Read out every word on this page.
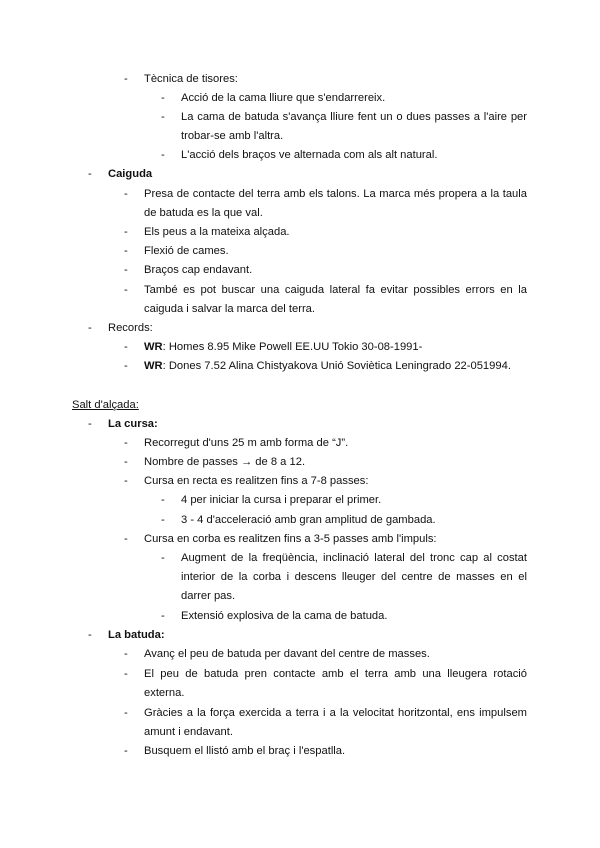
- Tècnica de tisores:
- Acció de la cama lliure que s'endarrereix.
- La cama de batuda s'avança lliure fent un o dues passes a l'aire per trobar-se amb l'altra.
- L'acció dels braços ve alternada com als alt natural.
- Caiguda
- Presa de contacte del terra amb els talons. La marca més propera a la taula de batuda es la que val.
- Els peus a la mateixa alçada.
- Flexió de cames.
- Braços cap endavant.
- També es pot buscar una caiguda lateral fa evitar possibles errors en la caiguda i salvar la marca del terra.
- Records:
- WR: Homes 8.95 Mike Powell EE.UU Tokio 30-08-1991-
- WR: Dones 7.52 Alina Chistyakova Unió Soviètica Leningrado 22-051994.
Salt d'alçada:
- La cursa:
- Recorregut d'uns 25 m amb forma de “J”.
- Nombre de passes → de 8 a 12.
- Cursa en recta es realitzen fins a 7-8 passes:
- 4 per iniciar la cursa i preparar el primer.
- 3 - 4 d'acceleració amb gran amplitud de gambada.
- Cursa en corba es realitzen fins a 3-5 passes amb l'impuls:
- Augment de la freqüència, inclinació lateral del tronc cap al costat interior de la corba i descens lleuger del centre de masses en el darrer pas.
- Extensió explosiva de la cama de batuda.
- La batuda:
- Avanç el peu de batuda per davant del centre de masses.
- El peu de batuda pren contacte amb el terra amb una lleugera rotació externa.
- Gràcies a la força exercida a terra i a la velocitat horitzontal, ens impulsem amunt i endavant.
- Busquem el llistó amb el braç i l'espatlla.
